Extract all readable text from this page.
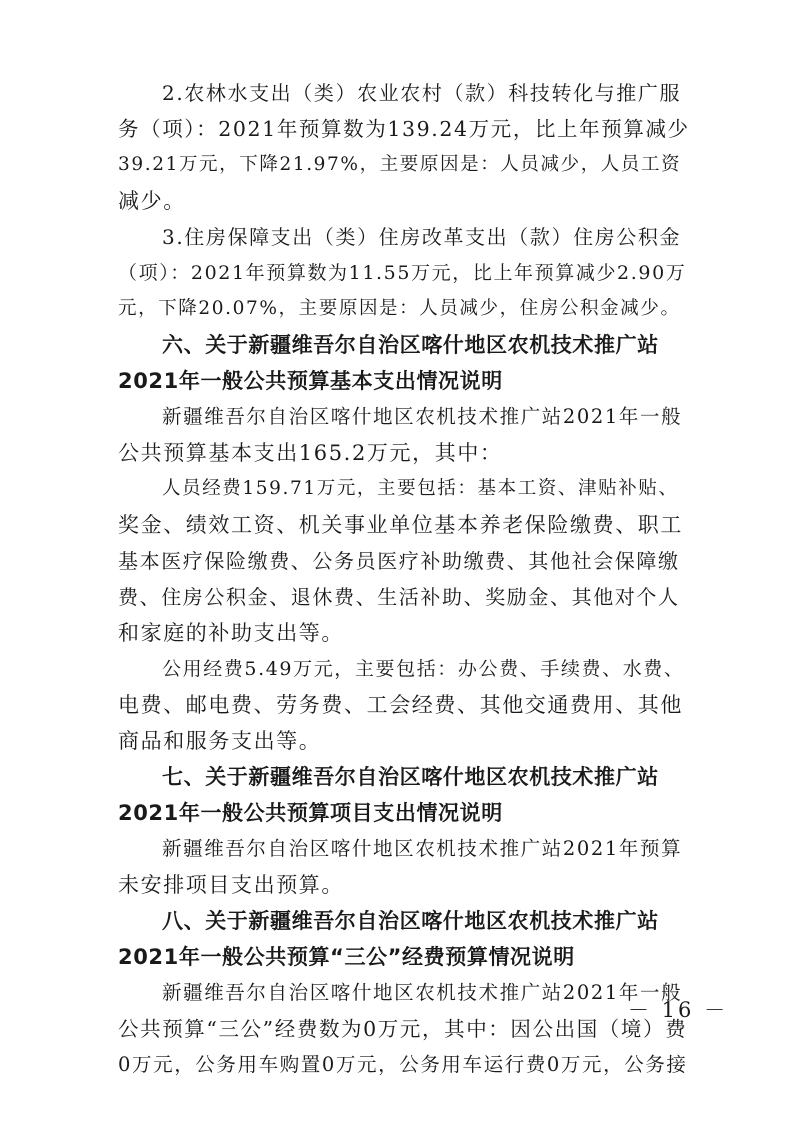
2.农林水支出（类）农业农村（款）科技转化与推广服
务（项）：2021年预算数为139.24万元，比上年预算减少
39.21万元，下降21.97%，主要原因是：人员减少，人员工资
减少。
3.住房保障支出（类）住房改革支出（款）住房公积金
（项）：2021年预算数为11.55万元，比上年预算减少2.90万
元，下降20.07%，主要原因是：人员减少，住房公积金减少。
六、关于新疆维吾尔自治区喀什地区农机技术推广站
2021年一般公共预算基本支出情况说明
新疆维吾尔自治区喀什地区农机技术推广站2021年一般
公共预算基本支出165.2万元，其中：
人员经费159.71万元，主要包括：基本工资、津贴补贴、
奖金、绩效工资、机关事业单位基本养老保险缴费、职工
基本医疗保险缴费、公务员医疗补助缴费、其他社会保障缴
费、住房公积金、退休费、生活补助、奖励金、其他对个人
和家庭的补助支出等。
公用经费5.49万元，主要包括：办公费、手续费、水费、
电费、邮电费、劳务费、工会经费、其他交通费用、其他
商品和服务支出等。
七、关于新疆维吾尔自治区喀什地区农机技术推广站
2021年一般公共预算项目支出情况说明
新疆维吾尔自治区喀什地区农机技术推广站2021年预算
未安排项目支出预算。
八、关于新疆维吾尔自治区喀什地区农机技术推广站
2021年一般公共预算“三公”经费预算情况说明
新疆维吾尔自治区喀什地区农机技术推广站2021年一般
公共预算“三公”经费数为0万元，其中：因公出国（境）费
0万元，公务用车购置0万元，公务用车运行费0万元，公务接
－ 16 －
